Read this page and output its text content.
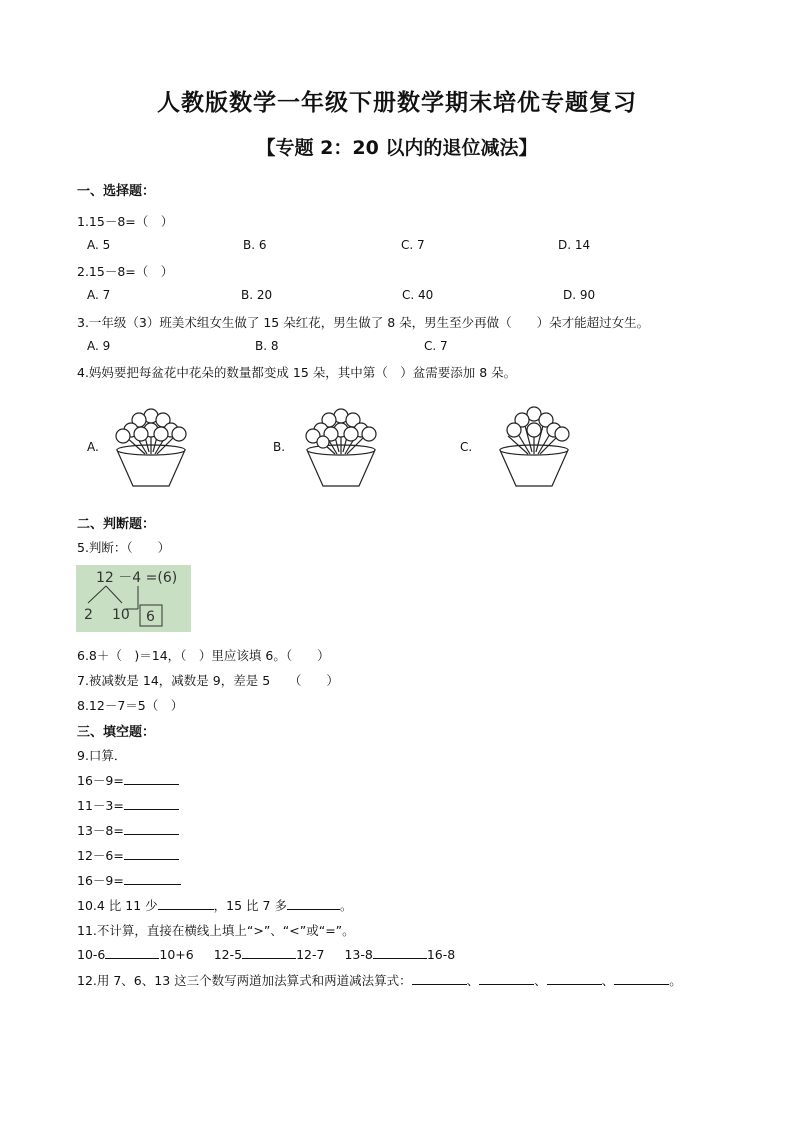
人教版数学一年级下册数学期末培优专题复习
【专题 2：20 以内的退位减法】
一、选择题：
1.15－8=（　）
A. 5	B. 6	C. 7	D. 14
2.15－8=（　）
A. 7	B. 20	C. 40	D. 90
3.一年级（3）班美术组女生做了 15 朵红花，男生做了 8 朵，男生至少再做（　　）朵才能超过女生。
A. 9	B. 8	C. 7
4.妈妈要把每盆花中花朵的数量都变成 15 朵，其中第（　）盆需要添加 8 朵。
A.	B.	C.
二、判断题：
5.判断：（　　）
12 －4 =(6)
2 10 6
6.8＋（　)＝14，（　）里应该填 6。（　　）
7.被减数是 14，减数是 9，差是 5　　（　　）
8.12－7＝5（　）
三、填空题：
9.口算．
16－9=
11－3=
13－8=
12－6=
16－9=
10.4 比 11 少	，15 比 7 多	。
11.不计算，直接在横线上填上“>”、“<”或“=”。
10-6	10+6 12-5	12-7 13-8	16-8
12.用 7、6、13 这三个数写两道加法算式和两道减法算式：	、	、	、	。
